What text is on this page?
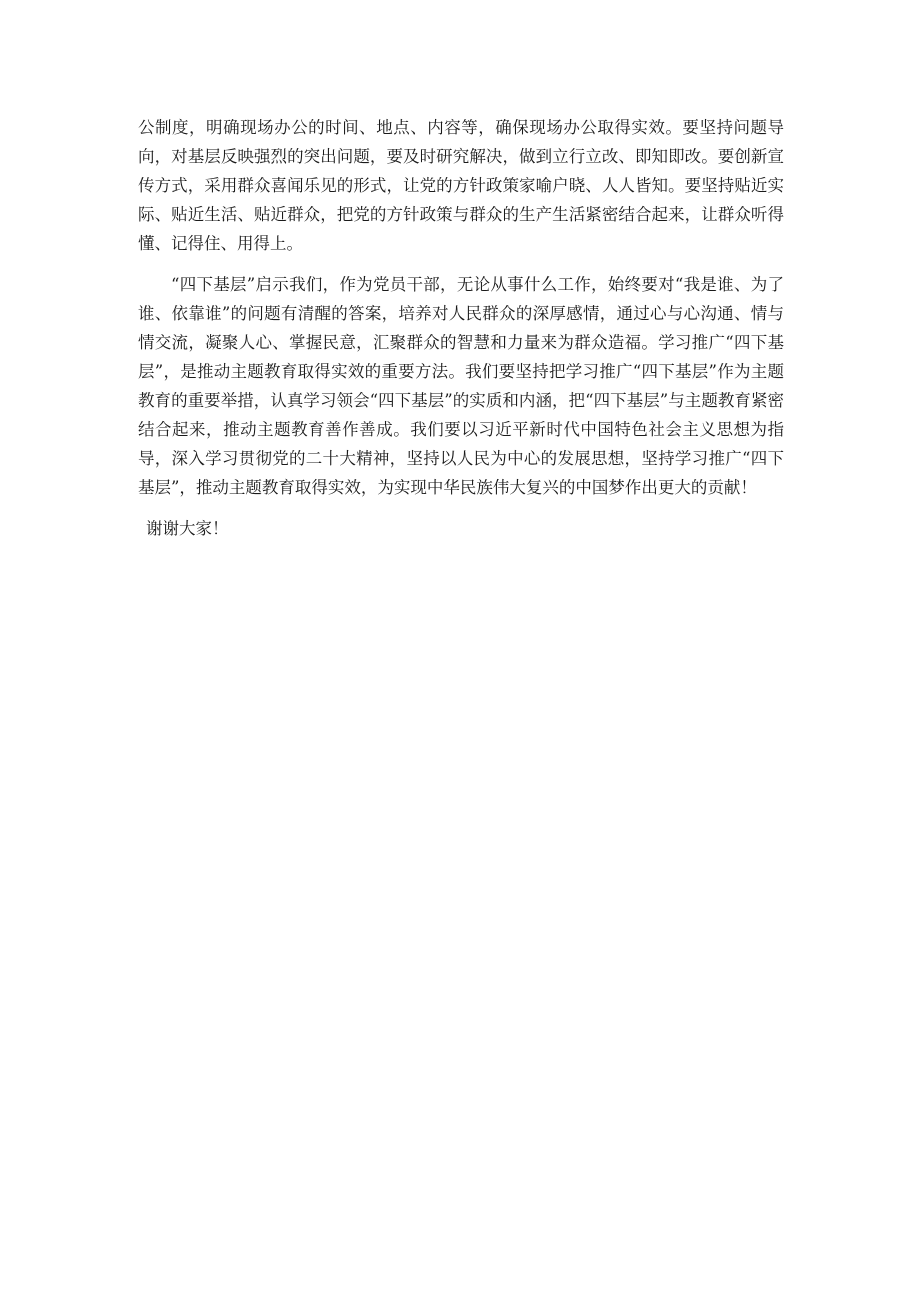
公制度，明确现场办公的时间、地点、内容等，确保现场办公取得实效。要坚持问题导向，对基层反映强烈的突出问题，要及时研究解决，做到立行立改、即知即改。要创新宣传方式，采用群众喜闻乐见的形式，让党的方针政策家喻户晓、人人皆知。要坚持贴近实际、贴近生活、贴近群众，把党的方针政策与群众的生产生活紧密结合起来，让群众听得懂、记得住、用得上。

“四下基层”启示我们，作为党员干部，无论从事什么工作，始终要对“我是谁、为了谁、依靠谁”的问题有清醒的答案，培养对人民群众的深厚感情，通过心与心沟通、情与情交流，凝聚人心、掌握民意，汇聚群众的智慧和力量来为群众造福。学习推广“四下基层”，是推动主题教育取得实效的重要方法。我们要坚持把学习推广“四下基层”作为主题教育的重要举措，认真学习领会“四下基层”的实质和内涵，把“四下基层”与主题教育紧密结合起来，推动主题教育善作善成。我们要以习近平新时代中国特色社会主义思想为指导，深入学习贯彻党的二十大精神，坚持以人民为中心的发展思想，坚持学习推广“四下基层”，推动主题教育取得实效，为实现中华民族伟大复兴的中国梦作出更大的贡献！

谢谢大家！
